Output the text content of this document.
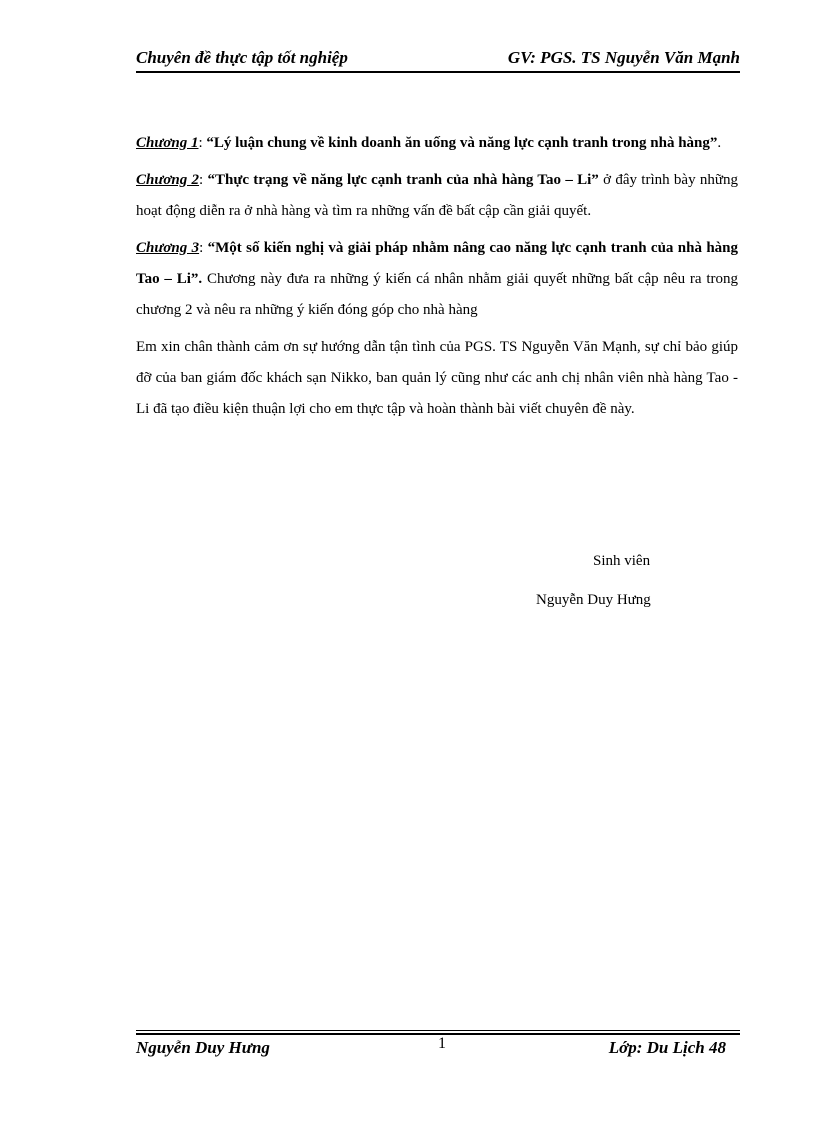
Chuyên đề thực tập tốt nghiệp	GV: PGS. TS Nguyễn Văn Mạnh

Chương 1: “Lý luận chung về kinh doanh ăn uống và năng lực cạnh tranh trong nhà hàng”.

Chương 2: “Thực trạng về năng lực cạnh tranh của nhà hàng Tao – Li” ở đây trình bày những hoạt động diễn ra ở nhà hàng và tìm ra những vấn đề bất cập cần giải quyết.

Chương 3: “Một số kiến nghị và giải pháp nhằm nâng cao năng lực cạnh tranh của nhà hàng Tao – Li”. Chương này đưa ra những ý kiến cá nhân nhằm giải quyết những bất cập nêu ra trong chương 2 và nêu ra những ý kiến đóng góp cho nhà hàng

Em xin chân thành cảm ơn sự hướng dẫn tận tình của PGS. TS Nguyễn Văn Mạnh, sự chỉ bảo giúp đỡ của ban giám đốc khách sạn Nikko, ban quản lý cũng như các anh chị nhân viên nhà hàng Tao - Li đã tạo điều kiện thuận lợi cho em thực tập và hoàn thành bài viết chuyên đề này.

Sinh viên
Nguyễn Duy Hưng
Nguyễn Duy Hưng	1	Lớp: Du Lịch 48
